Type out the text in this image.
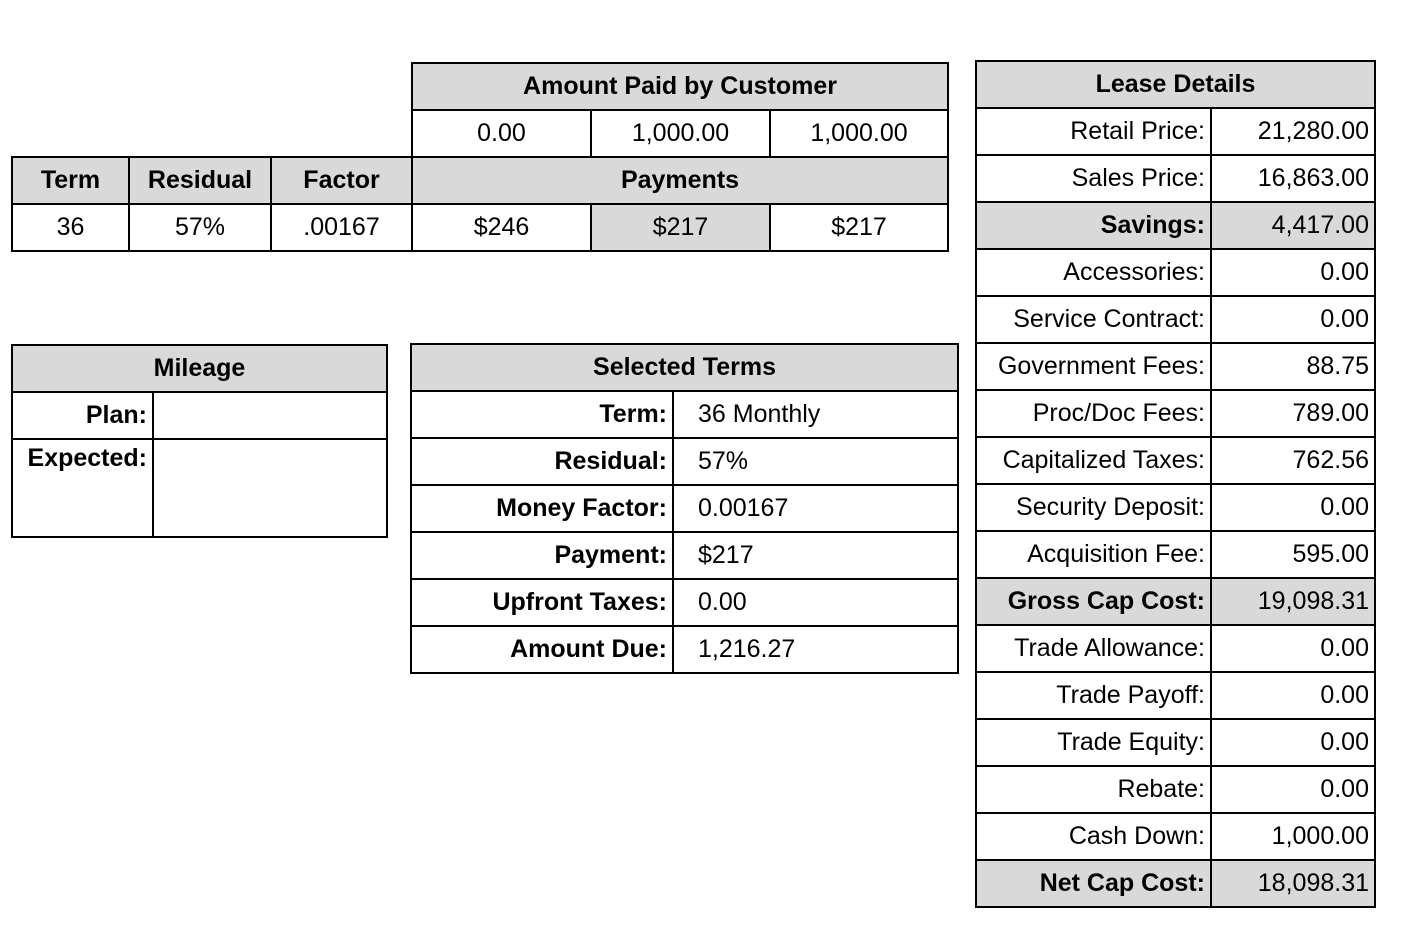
			Amount Paid by Customer		
			0.00	1,000.00	1,000.00
Term	Residual	Factor	Payments		
36	57%	.00167	$246	$217	$217
Mileage	
Plan:	
Expected:	
Selected Terms	
Term:	36 Monthly
Residual:	57%
Money Factor:	0.00167
Payment:	$217
Upfront Taxes:	0.00
Amount Due:	1,216.27
Lease Details	
Retail Price:	21,280.00
Sales Price:	16,863.00
Savings:	4,417.00
Accessories:	0.00
Service Contract:	0.00
Government Fees:	88.75
Proc/Doc Fees:	789.00
Capitalized Taxes:	762.56
Security Deposit:	0.00
Acquisition Fee:	595.00
Gross Cap Cost:	19,098.31
Trade Allowance:	0.00
Trade Payoff:	0.00
Trade Equity:	0.00
Rebate:	0.00
Cash Down:	1,000.00
Net Cap Cost:	18,098.31
